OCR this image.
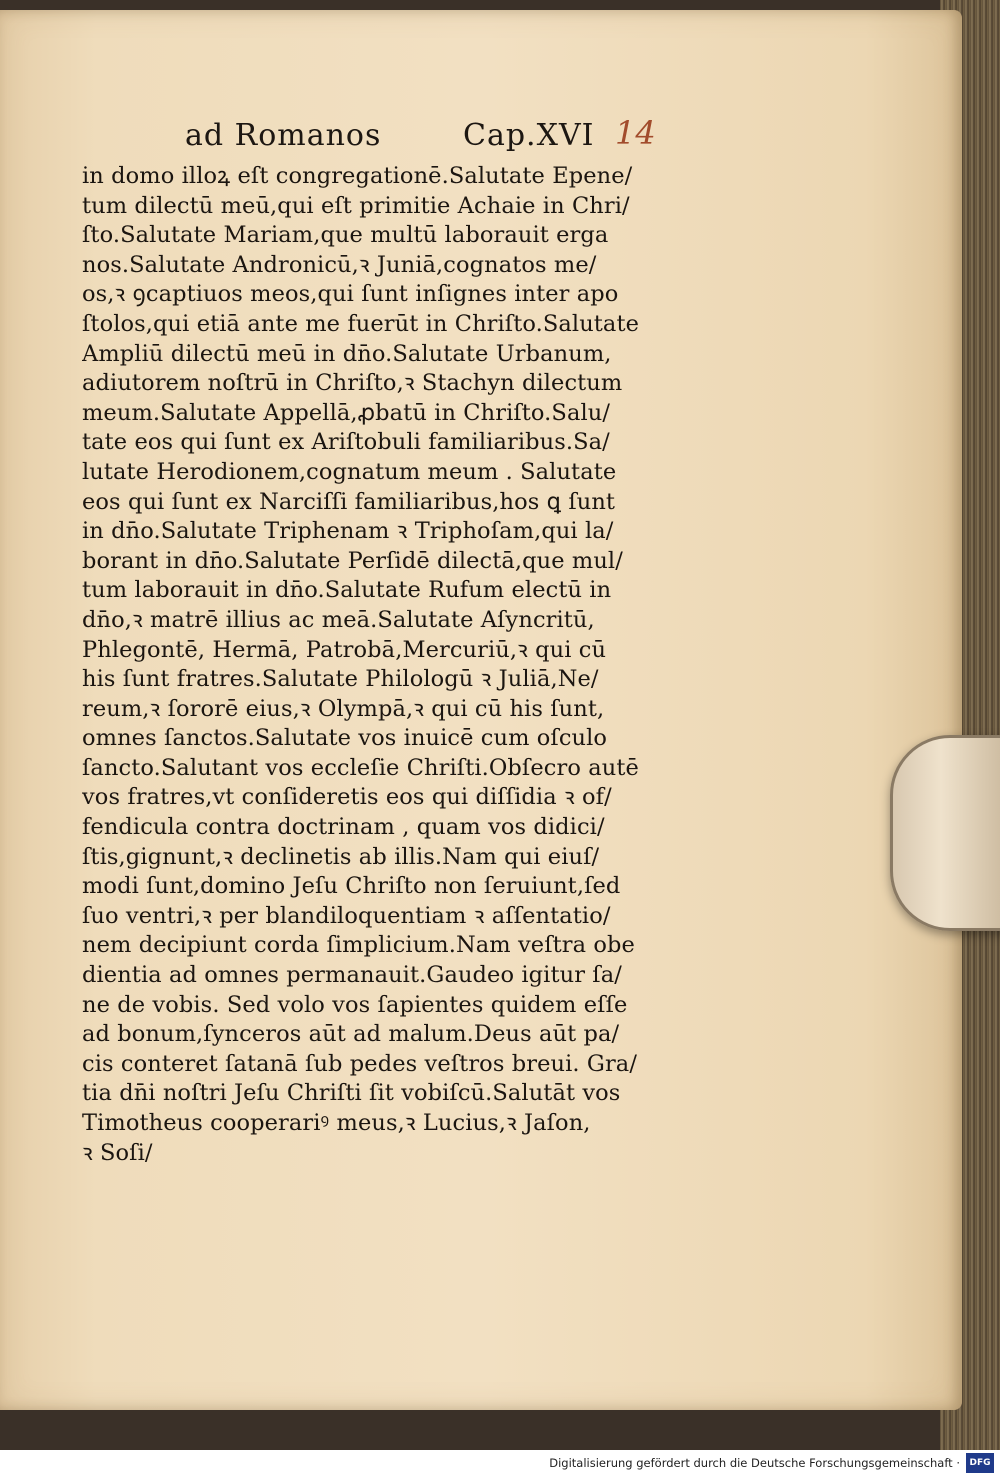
ad Romanos	Cap.XVI 14
in domo illoꝝ eſt congregationē.Salutate Epene/
tum dilectū meū,qui eſt primitie Achaie in Chri/
ſto.Salutate Mariam,que multū laborauit erga
nos.Salutate Andronicū,ꝛ Juniā,cognatos me/
os,ꝛ ꝯcaptiuos meos,qui ſunt inſignes inter apo
ſtolos,qui etiā ante me fuerūt in Chriſto.Salutate
Ampliū dilectū meū in dn̄o.Salutate Urbanum,
adiutorem noſtrū in Chriſto,ꝛ Stachyn dilectum
meum.Salutate Appellā,ꝓbatū in Chriſto.Salu/
tate eos qui ſunt ex Ariſtobuli familiaribus.Sa/
lutate Herodionem,cognatum meum . Salutate
eos qui ſunt ex Narciſſi familiaribus,hos ꝗ ſunt
in dn̄o.Salutate Triphenam ꝛ Triphoſam,qui la/
borant in dn̄o.Salutate Perſidē dilectā,que mul/
tum laborauit in dn̄o.Salutate Rufum electū in
dn̄o,ꝛ matrē illius ac meā.Salutate Aſyncritū,
Phlegontē, Hermā, Patrobā,Mercuriū,ꝛ qui cū
his ſunt fratres.Salutate Philologū ꝛ Juliā,Ne/
reum,ꝛ ſororē eius,ꝛ Olympā,ꝛ qui cū his ſunt,
omnes ſanctos.Salutate vos inuicē cum oſculo
ſancto.Salutant vos eccleſie Chriſti.Obſecro autē
vos fratres,vt conſideretis eos qui diſſidia ꝛ of/
fendicula contra doctrinam , quam vos didici/
ſtis,gignunt,ꝛ declinetis ab illis.Nam qui eiuſ/
modi ſunt,domino Jeſu Chriſto non ſeruiunt,ſed
ſuo ventri,ꝛ per blandiloquentiam ꝛ aſſentatio/
nem decipiunt corda ſimplicium.Nam veſtra obe
dientia ad omnes permanauit.Gaudeo igitur ſa/
ne de vobis. Sed volo vos ſapientes quidem eſſe
ad bonum,ſynceros aūt ad malum.Deus aūt pa/
cis conteret ſatanā ſub pedes veſtros breui. Gra/
tia dn̄i noſtri Jeſu Chriſti ſit vobiſcū.Salutāt vos
Timotheus cooperariꝰ meus,ꝛ Lucius,ꝛ Jaſon,
ꝛ Soſi/
Digitalisierung gefördert durch die Deutsche Forschungsgemeinschaft ·	DFG
